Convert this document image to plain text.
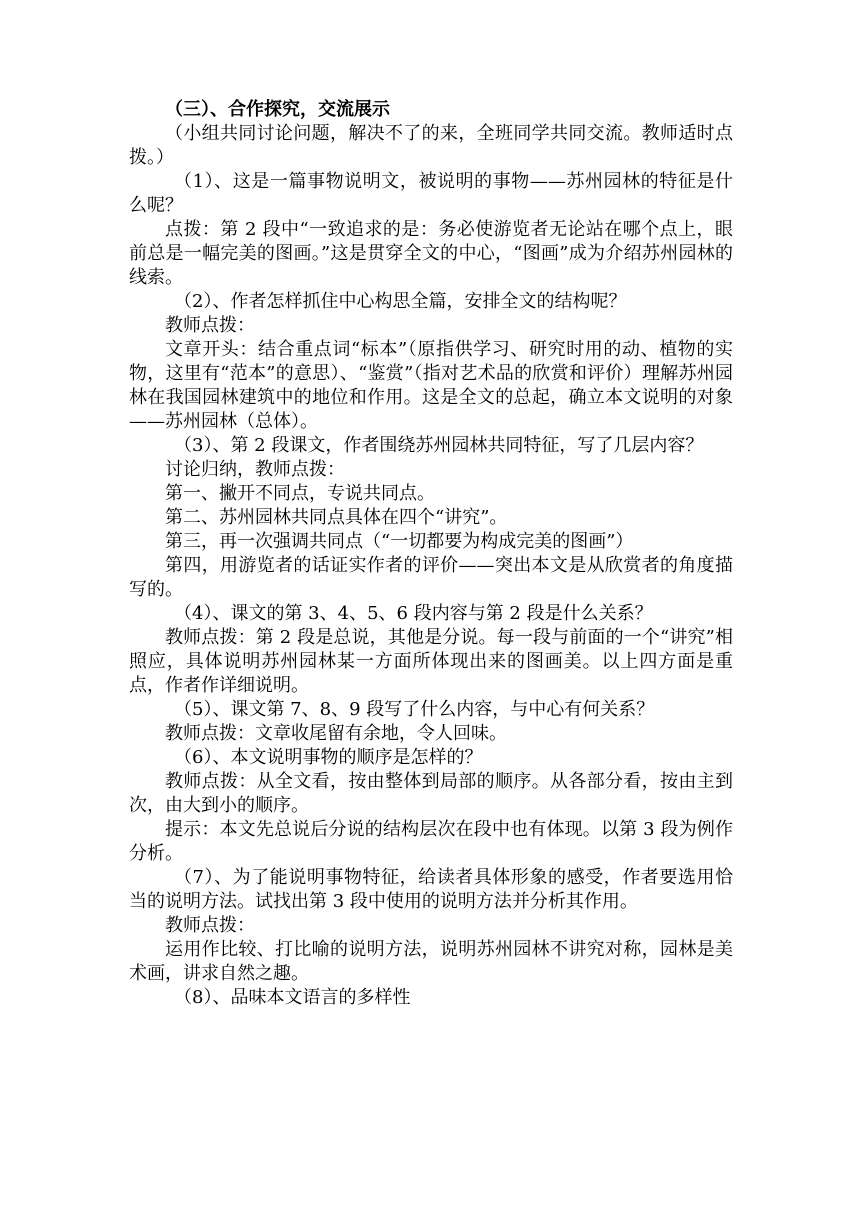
（三）、合作探究，交流展示

（小组共同讨论问题，解决不了的来，全班同学共同交流。教师适时点拨。）

（1）、这是一篇事物说明文，被说明的事物——苏州园林的特征是什么呢？

点拨：第 2 段中“一致追求的是：务必使游览者无论站在哪个点上，眼前总是一幅完美的图画。”这是贯穿全文的中心，“图画”成为介绍苏州园林的线索。

（2）、作者怎样抓住中心构思全篇，安排全文的结构呢？

教师点拨：

文章开头：结合重点词“标本”（原指供学习、研究时用的动、植物的实物，这里有“范本”的意思）、“鉴赏”（指对艺术品的欣赏和评价）理解苏州园林在我国园林建筑中的地位和作用。这是全文的总起，确立本文说明的对象——苏州园林（总体）。

（3）、第 2 段课文，作者围绕苏州园林共同特征，写了几层内容？

讨论归纳，教师点拨：

第一、撇开不同点，专说共同点。

第二、苏州园林共同点具体在四个“讲究”。

第三，再一次强调共同点（“一切都要为构成完美的图画”）

第四，用游览者的话证实作者的评价——突出本文是从欣赏者的角度描写的。

（4）、课文的第 3、4、5、6 段内容与第 2 段是什么关系？

教师点拨：第 2 段是总说，其他是分说。每一段与前面的一个“讲究”相照应，具体说明苏州园林某一方面所体现出来的图画美。以上四方面是重点，作者作详细说明。

（5）、课文第 7、8、9 段写了什么内容，与中心有何关系？

教师点拨：文章收尾留有余地，令人回味。

（6）、本文说明事物的顺序是怎样的？

教师点拨：从全文看，按由整体到局部的顺序。从各部分看，按由主到次，由大到小的顺序。

提示：本文先总说后分说的结构层次在段中也有体现。以第 3 段为例作分析。

（7）、为了能说明事物特征，给读者具体形象的感受，作者要选用恰当的说明方法。试找出第 3 段中使用的说明方法并分析其作用。

教师点拨：

运用作比较、打比喻的说明方法，说明苏州园林不讲究对称，园林是美术画，讲求自然之趣。

（8）、品味本文语言的多样性
